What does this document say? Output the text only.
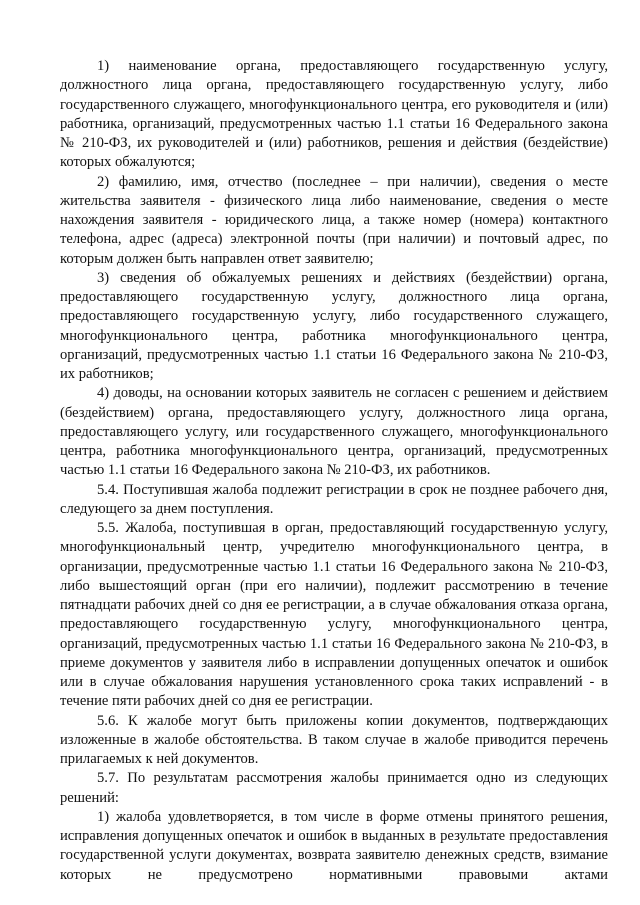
1) наименование органа, предоставляющего государственную услугу, должностного лица органа, предоставляющего государственную услугу, либо государственного служащего, многофункционального центра, его руководителя и (или) работника, организаций, предусмотренных частью 1.1 статьи 16 Федерального закона № 210-ФЗ, их руководителей и (или) работников, решения и действия (бездействие) которых обжалуются;

2) фамилию, имя, отчество (последнее – при наличии), сведения о месте жительства заявителя - физического лица либо наименование, сведения о месте нахождения заявителя - юридического лица, а также номер (номера) контактного телефона, адрес (адреса) электронной почты (при наличии) и почтовый адрес, по которым должен быть направлен ответ заявителю;

3) сведения об обжалуемых решениях и действиях (бездействии) органа, предоставляющего государственную услугу, должностного лица органа, предоставляющего государственную услугу, либо государственного служащего, многофункционального центра, работника многофункционального центра, организаций, предусмотренных частью 1.1 статьи 16 Федерального закона № 210-ФЗ, их работников;

4) доводы, на основании которых заявитель не согласен с решением и действием (бездействием) органа, предоставляющего услугу, должностного лица органа, предоставляющего услугу, или государственного служащего, многофункционального центра, работника многофункционального центра, организаций, предусмотренных частью 1.1 статьи 16 Федерального закона № 210-ФЗ, их работников.

5.4. Поступившая жалоба подлежит регистрации в срок не позднее рабочего дня, следующего за днем поступления.

5.5. Жалоба, поступившая в орган, предоставляющий государственную услугу, многофункциональный центр, учредителю многофункционального центра, в организации, предусмотренные частью 1.1 статьи 16 Федерального закона № 210-ФЗ, либо вышестоящий орган (при его наличии), подлежит рассмотрению в течение пятнадцати рабочих дней со дня ее регистрации, а в случае обжалования отказа органа, предоставляющего государственную услугу, многофункционального центра, организаций, предусмотренных частью 1.1 статьи 16 Федерального закона № 210-ФЗ, в приеме документов у заявителя либо в исправлении допущенных опечаток и ошибок или в случае обжалования нарушения установленного срока таких исправлений - в течение пяти рабочих дней со дня ее регистрации.

5.6. К жалобе могут быть приложены копии документов, подтверждающих изложенные в жалобе обстоятельства. В таком случае в жалобе приводится перечень прилагаемых к ней документов.

5.7. По результатам рассмотрения жалобы принимается одно из следующих решений:

1) жалоба удовлетворяется, в том числе в форме отмены принятого решения, исправления допущенных опечаток и ошибок в выданных в результате предоставления государственной услуги документах, возврата заявителю денежных средств, взимание которых не предусмотрено нормативными правовыми актами
